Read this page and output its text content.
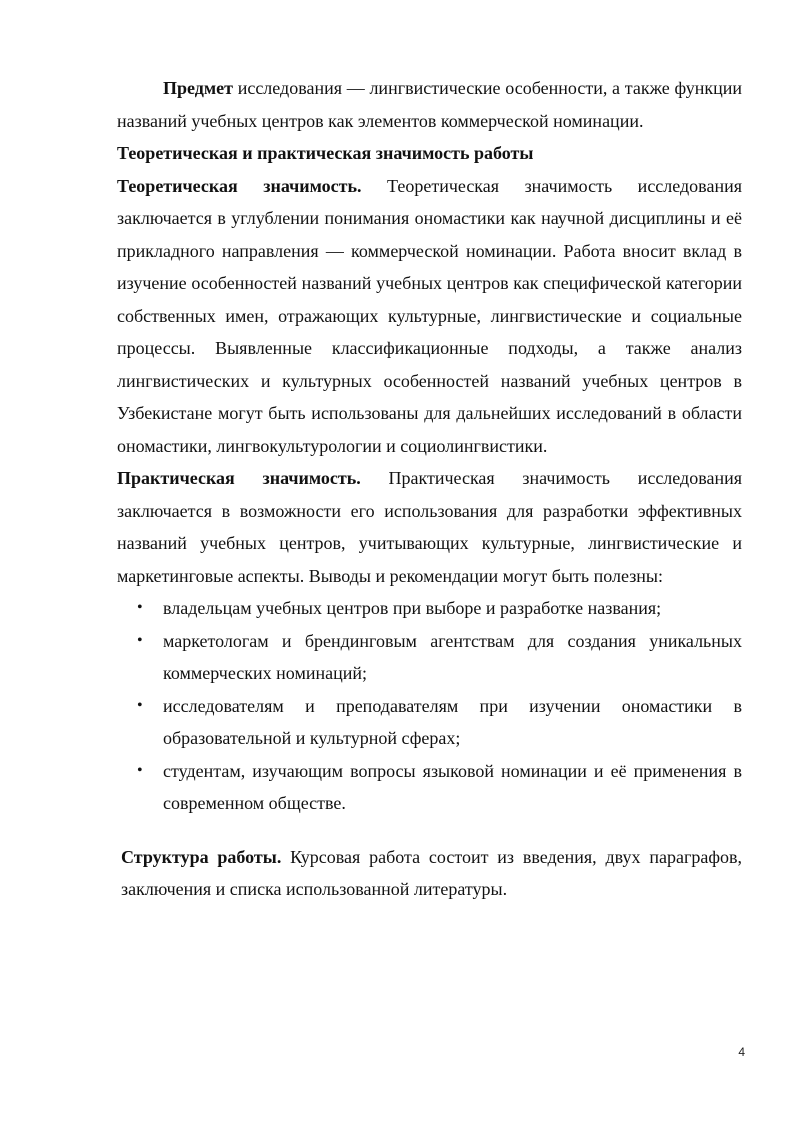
Предмет исследования — лингвистические особенности, а также функции названий учебных центров как элементов коммерческой номинации.

Теоретическая и практическая значимость работы

Теоретическая значимость. Теоретическая значимость исследования заключается в углублении понимания ономастики как научной дисциплины и её прикладного направления — коммерческой номинации. Работа вносит вклад в изучение особенностей названий учебных центров как специфической категории собственных имен, отражающих культурные, лингвистические и социальные процессы. Выявленные классификационные подходы, а также анализ лингвистических и культурных особенностей названий учебных центров в Узбекистане могут быть использованы для дальнейших исследований в области ономастики, лингвокультурологии и социолингвистики.

Практическая значимость. Практическая значимость исследования заключается в возможности его использования для разработки эффективных названий учебных центров, учитывающих культурные, лингвистические и маркетинговые аспекты. Выводы и рекомендации могут быть полезны:

• владельцам учебных центров при выборе и разработке названия;
• маркетологам и брендинговым агентствам для создания уникальных коммерческих номинаций;
• исследователям и преподавателям при изучении ономастики в образовательной и культурной сферах;
• студентам, изучающим вопросы языковой номинации и её применения в современном обществе.

Структура работы. Курсовая работа состоит из введения, двух параграфов, заключения и списка использованной литературы.

4
